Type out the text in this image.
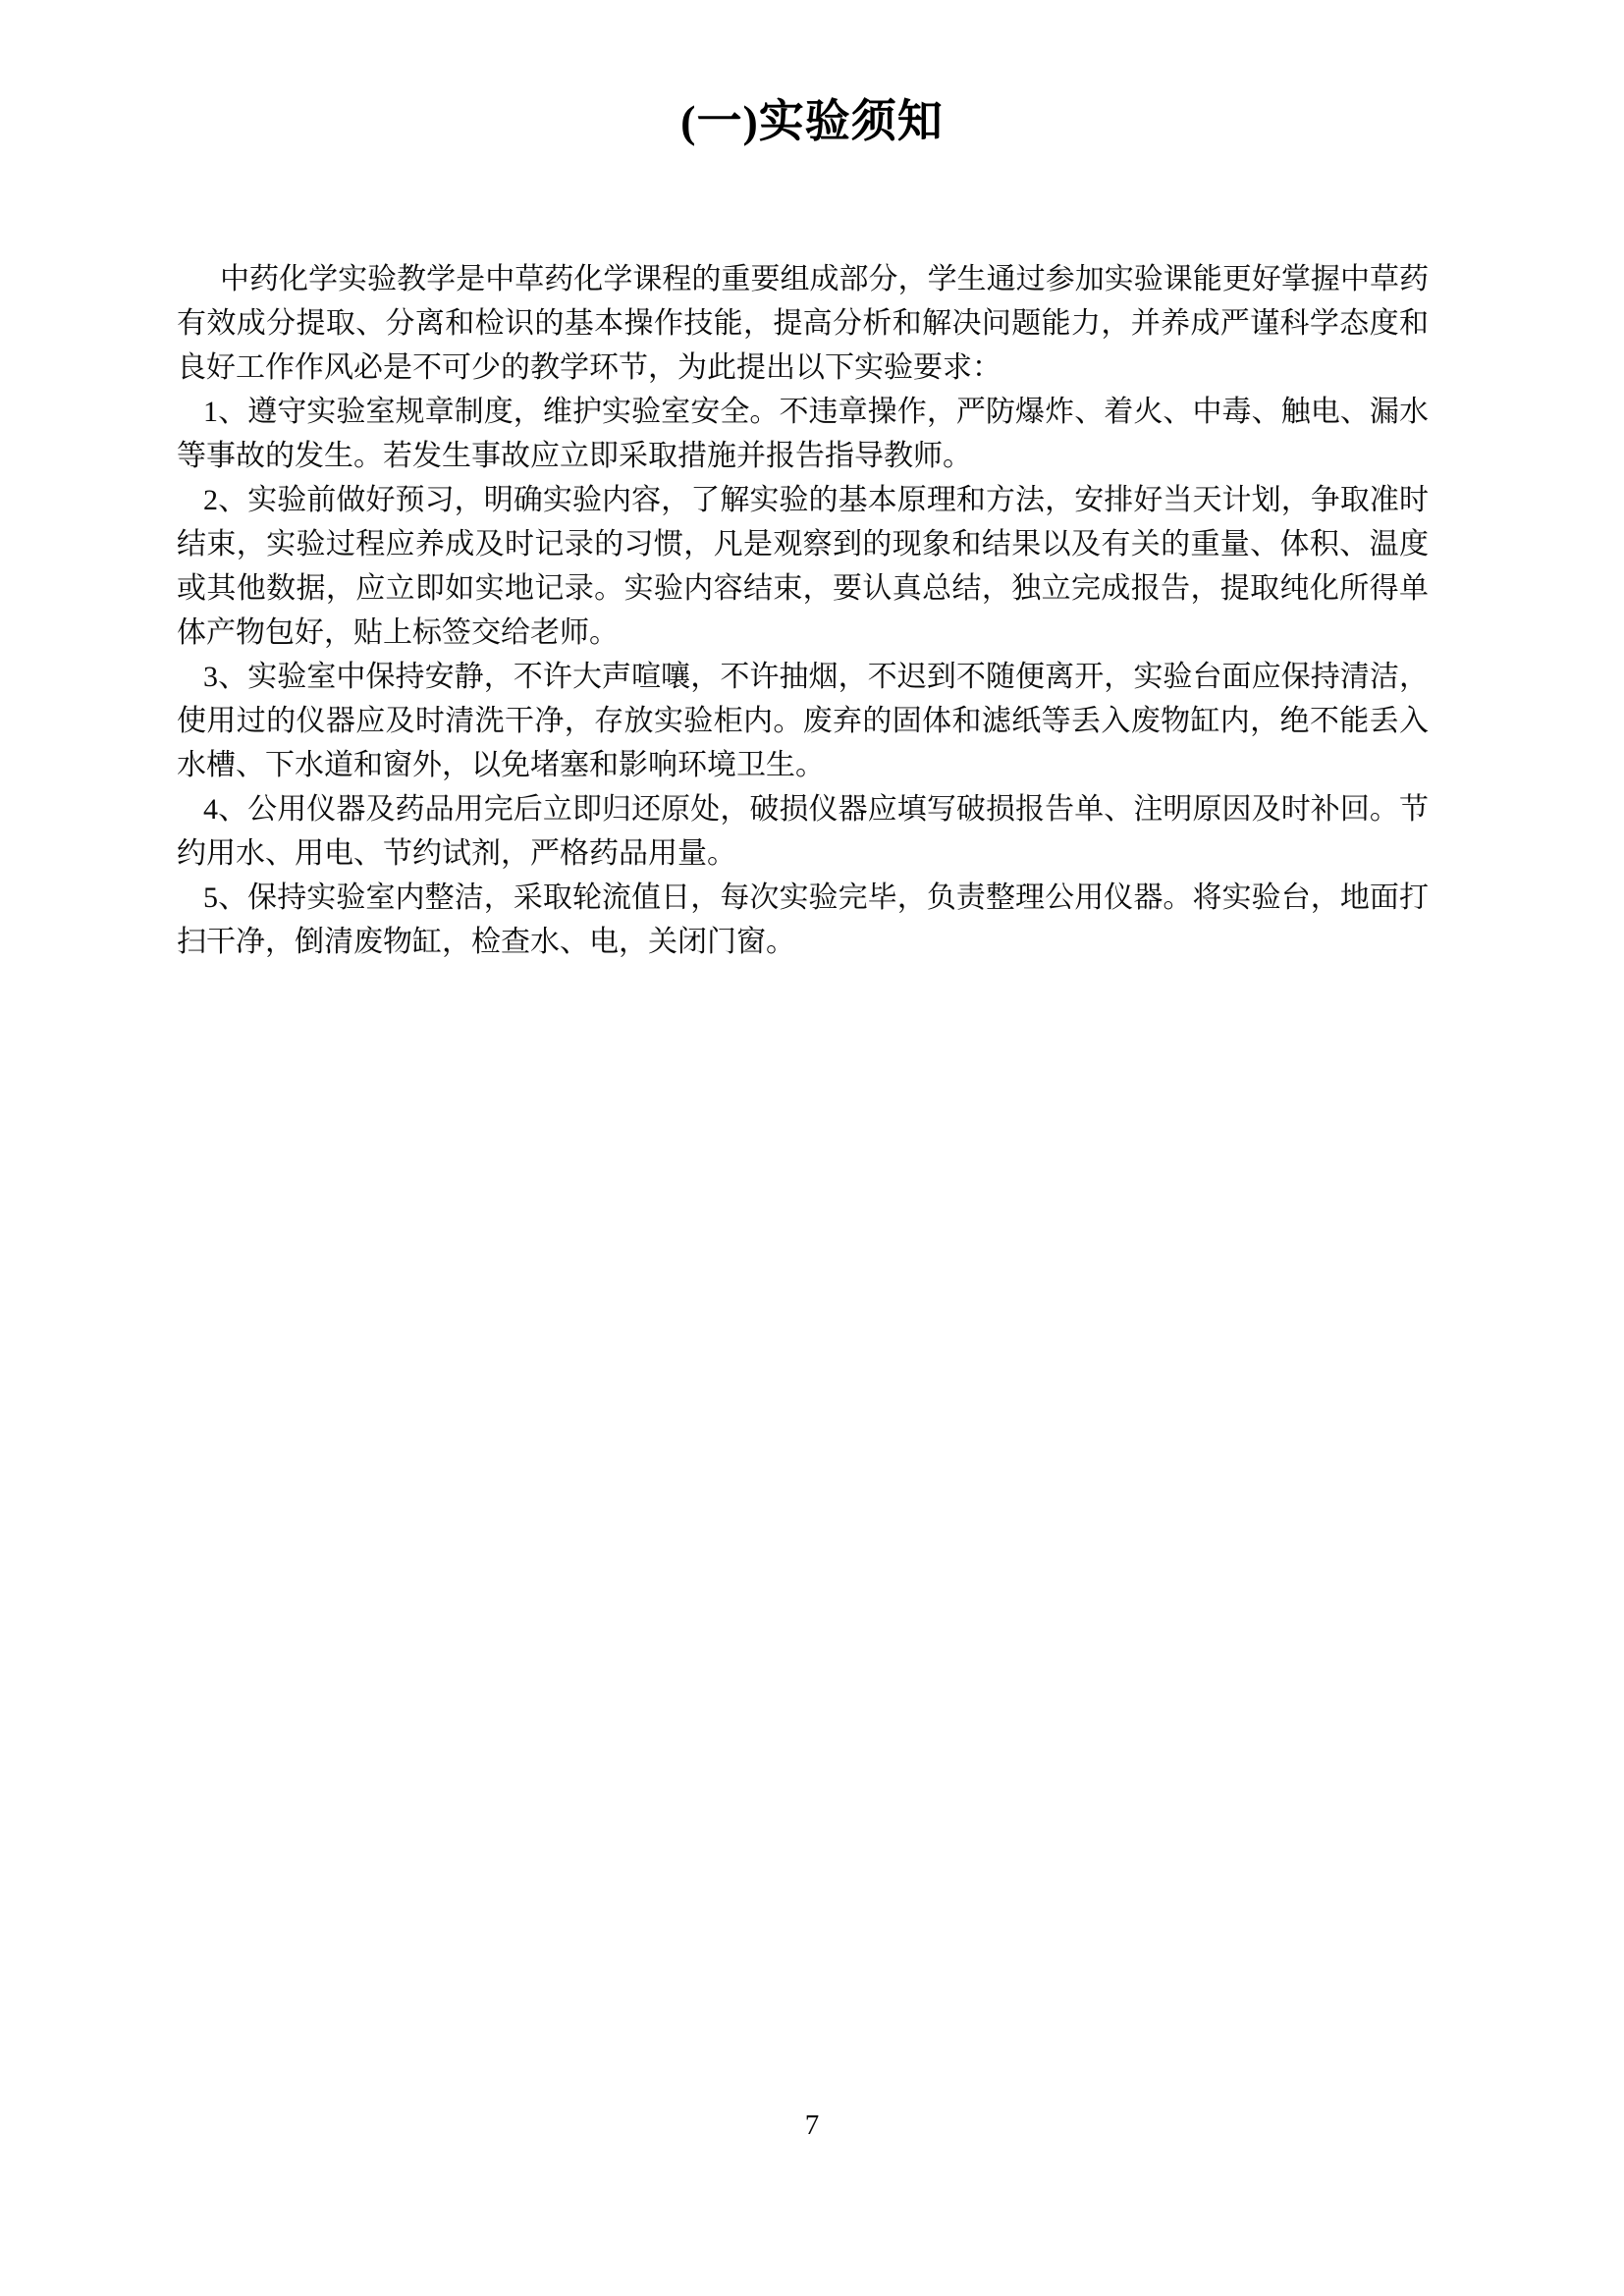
(一)实验须知

中药化学实验教学是中草药化学课程的重要组成部分，学生通过参加实验课能更好掌握中草药有效成分提取、分离和检识的基本操作技能，提高分析和解决问题能力，并养成严谨科学态度和良好工作作风必是不可少的教学环节，为此提出以下实验要求：

1、遵守实验室规章制度，维护实验室安全。不违章操作，严防爆炸、着火、中毒、触电、漏水等事故的发生。若发生事故应立即采取措施并报告指导教师。

2、实验前做好预习，明确实验内容，了解实验的基本原理和方法，安排好当天计划，争取准时结束，实验过程应养成及时记录的习惯，凡是观察到的现象和结果以及有关的重量、体积、温度或其他数据，应立即如实地记录。实验内容结束，要认真总结，独立完成报告，提取纯化所得单体产物包好，贴上标签交给老师。

3、实验室中保持安静，不许大声喧嚷，不许抽烟，不迟到不随便离开，实验台面应保持清洁，使用过的仪器应及时清洗干净，存放实验柜内。废弃的固体和滤纸等丢入废物缸内，绝不能丢入水槽、下水道和窗外，以免堵塞和影响环境卫生。

4、公用仪器及药品用完后立即归还原处，破损仪器应填写破损报告单、注明原因及时补回。节约用水、用电、节约试剂，严格药品用量。

5、保持实验室内整洁，采取轮流值日，每次实验完毕，负责整理公用仪器。将实验台，地面打扫干净，倒清废物缸，检查水、电，关闭门窗。

7
